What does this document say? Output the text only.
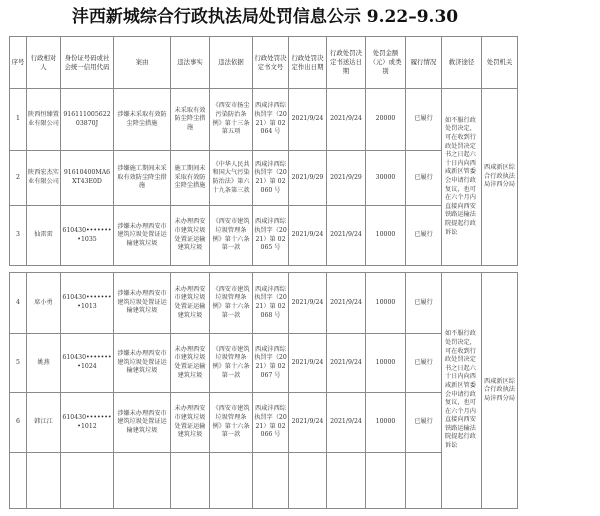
沣西新城综合行政执法局处罚信息公示 9.22–9.30
序号	行政相对人	身份证号码或社会统一信用代码	案由	违法事实	违法依据	行政处罚决定书文号	行政处罚决定作出日期	行政处罚决定书送达日期	处罚金额（元）或类别	履行情况	救济途径	处罚机关
1	陕西恒臻置业有限公司	91611100562203870J	涉嫌未采取有效防尘降尘措施	未采取有效防尘降尘措施	《西安市扬尘污染防治条例》第十三条第五项	西咸沣西综执罚字（2021）第 02064 号	2021/9/24	2021/9/24	20000	已履行	如不服行政处罚决定，可在收到行政处罚决定书之日起六十日内向西咸新区管委会申请行政复议，也可在六个月内直接向西安铁路运输法院提起行政诉讼	西咸新区综合行政执法局沣西分局
2	陕西宏杰实业有限公司	91610400MA6XT43E0D	涉嫌施工期间未采取有效防尘降尘措施	施工期间未采取有效防尘降尘措施	《中华人民共和国大气污染防治法》第六十九条第三款	西咸沣西综执罚字（2021）第 02060 号	2021/9/29	2021/9/29	30000	已履行		
3	仙雷雷	610430••••••••1035	涉嫌未办理西安市建筑垃圾处置证运输建筑垃圾	未办理西安市建筑垃圾处置证运输建筑垃圾	《西安市建筑垃圾管理条例》第十六条第一款	西咸沣西综执罚字（2021）第 02065 号	2021/9/24	2021/9/24	10000	已履行		
4	席小勇	610430••••••••1013	涉嫌未办理西安市建筑垃圾处置证运输建筑垃圾	未办理西安市建筑垃圾处置证运输建筑垃圾	《西安市建筑垃圾管理条例》第十六条第一款	西咸沣西综执罚字（2021）第 02068 号	2021/9/24	2021/9/24	10000	已履行	如不服行政处罚决定，可在收到行政处罚决定书之日起六十日内向西咸新区管委会申请行政复议，也可在六个月内直接向西安铁路运输法院提起行政诉讼	西咸新区综合行政执法局沣西分局
5	姚燕	610430••••••••1024	涉嫌未办理西安市建筑垃圾处置证运输建筑垃圾	未办理西安市建筑垃圾处置证运输建筑垃圾	《西安市建筑垃圾管理条例》第十六条第一款	西咸沣西综执罚字（2021）第 02067 号	2021/9/24	2021/9/24	10000	已履行		
6	韩江江	610430••••••••1012	涉嫌未办理西安市建筑垃圾处置证运输建筑垃圾	未办理西安市建筑垃圾处置证运输建筑垃圾	《西安市建筑垃圾管理条例》第十六条第一款	西咸沣西综执罚字（2021）第 02066 号	2021/9/24	2021/9/24	10000	已履行		
